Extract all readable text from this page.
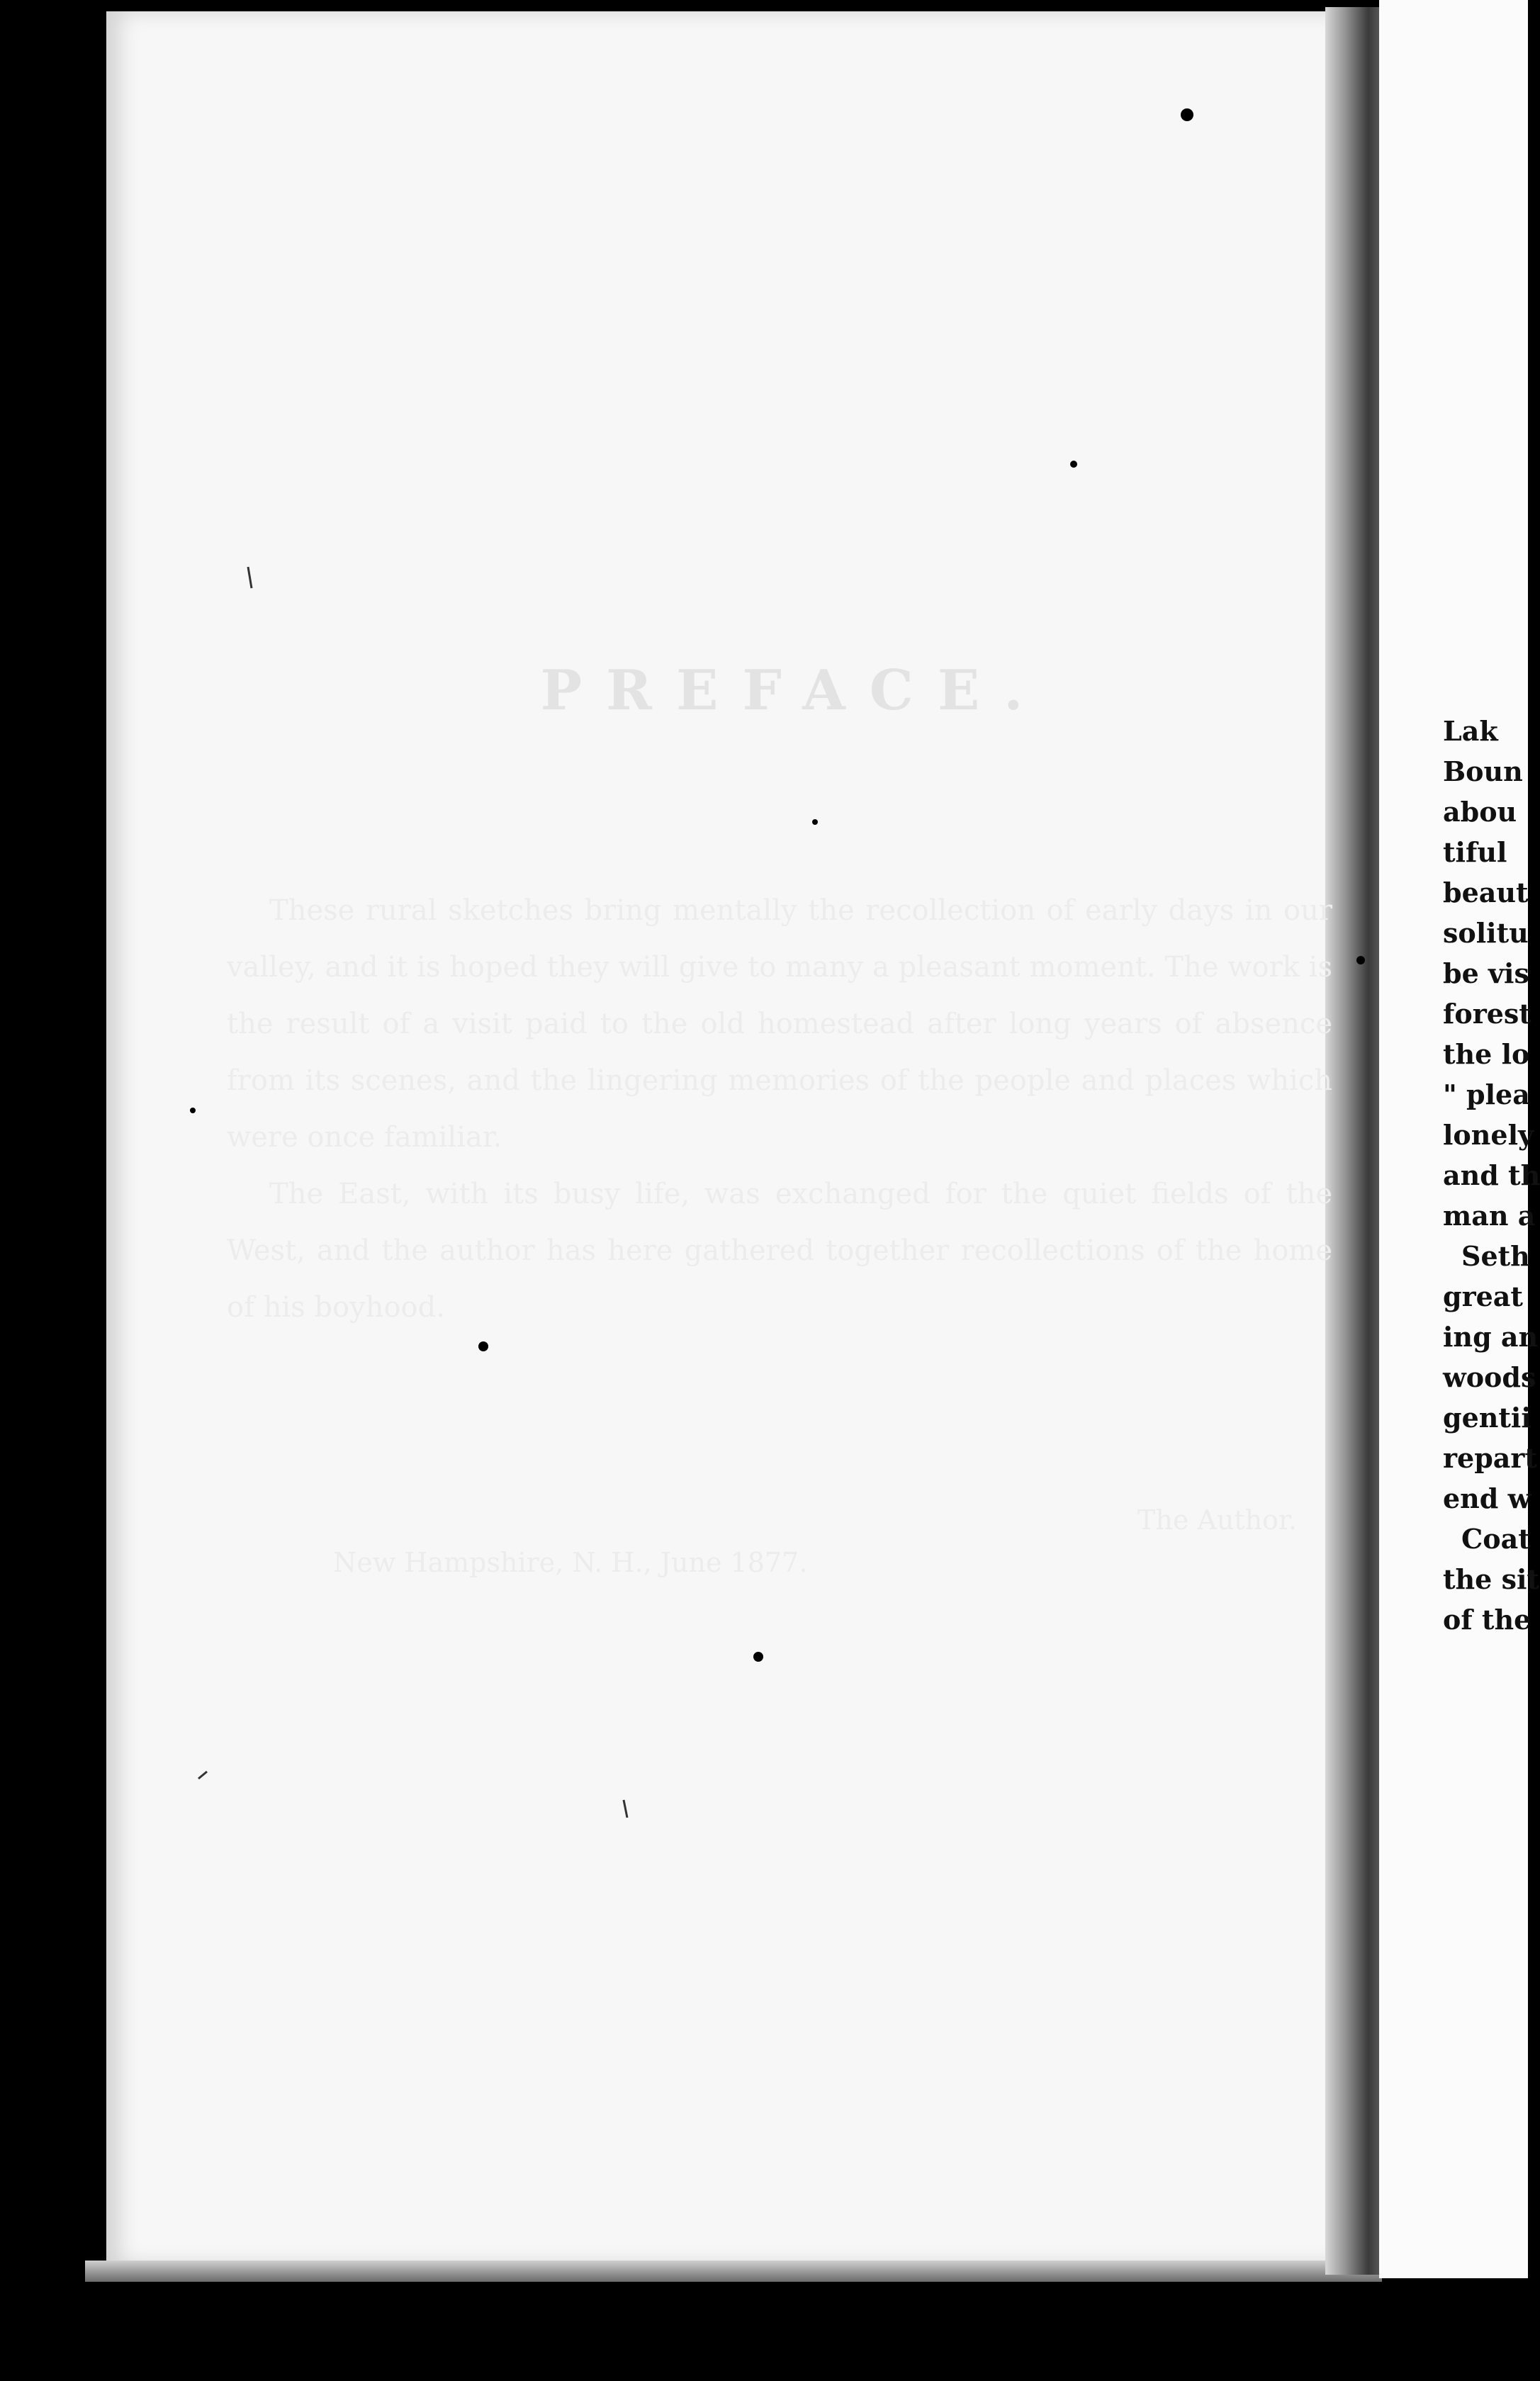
PREFACE.

These rural sketches bring mentally the recollection of early days in our valley, and it is hoped they will give to many a pleasant moment. The work is the result of a visit paid to the old homestead after long years of absence from its scenes, and the lingering memories of the people and places which were once familiar.

The East, with its busy life, was exchanged for the quiet fields of the West, and the author has here gathered together recollections of the home of his boyhood.

The Author.
New Hampshire, N. H., June 1877.
Lak
Boun
abou
tiful
beaut
solitu
be vis
forest
the lo
" plea
lonely
and th
man a
Seth
great
ing an
woods
gentii
repart
end w
Coat
the sit
of the
